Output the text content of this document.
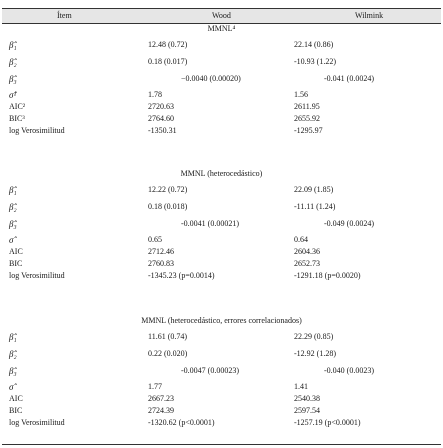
Ítem	Wood	Wilmink
MMNL⁴
β̂₁	12.48 (0.72)	22.14 (0.86)
β̂₂	0.18 (0.017)	-10.93 (1.22)
β̂₃	−0.0040 (0.00020)	-0.041 (0.0024)
σ̂¹	1.78	1.56
AIC²	2720.63	2611.95
BIC³	2764.60	2655.92
log Verosimilitud	-1350.31	-1295.97
MMNL (heterocedástico)
β̂₁	12.22 (0.72)	22.09 (1.85)
β̂₂	0.18 (0.018)	-11.11 (1.24)
β̂₃	-0.0041 (0.00021)	-0.049 (0.0024)
σ̂	0.65	0.64
AIC	2712.46	2604.36
BIC	2760.83	2652.73
log Verosimilitud	-1345.23 (p=0.0014)	-1291.18 (p=0.0020)
MMNL (heterocedástico, errores correlacionados)
β̂₁	11.61 (0.74)	22.29 (0.85)
β̂₂	0.22 (0.020)	-12.92 (1.28)
β̂₃	-0.0047 (0.00023)	-0.040 (0.0023)
σ̂	1.77	1.41
AIC	2667.23	2540.38
BIC	2724.39	2597.54
log Verosimilitud	-1320.62 (p<0.0001)	-1257.19 (p<0.0001)
